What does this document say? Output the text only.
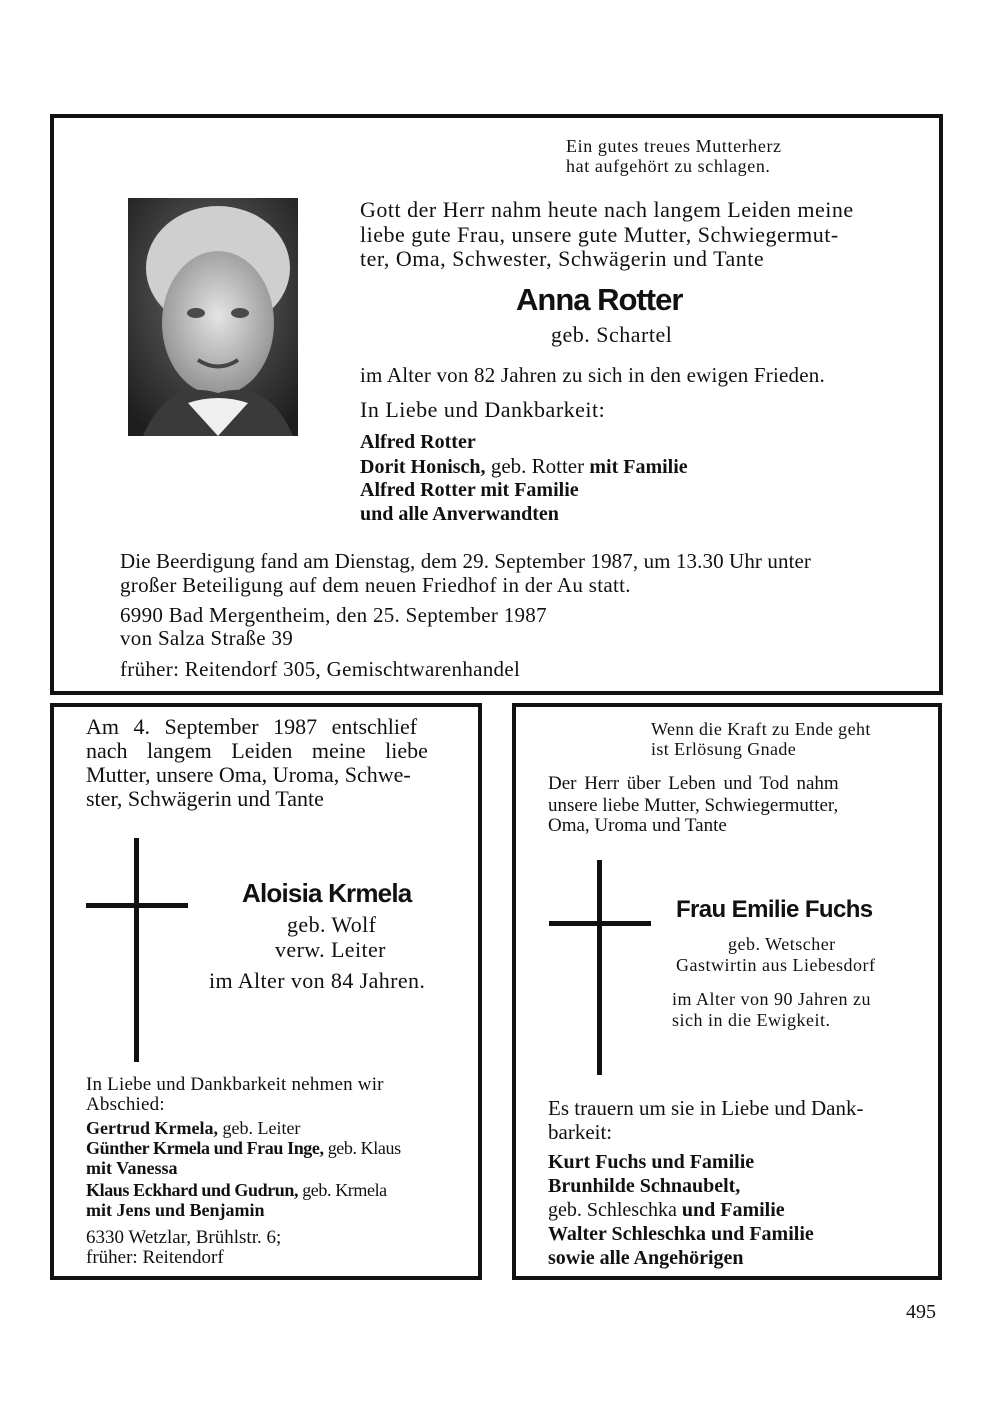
Ein gutes treues Mutterherz
hat aufgehört zu schlagen.
Gott der Herr nahm heute nach langem Leiden meine
liebe gute Frau, unsere gute Mutter, Schwiegermut-
ter, Oma, Schwester, Schwägerin und Tante
Anna Rotter
geb. Schartel
im Alter von 82 Jahren zu sich in den ewigen Frieden.
In Liebe und Dankbarkeit:
Alfred Rotter
Dorit Honisch, geb. Rotter mit Familie
Alfred Rotter mit Familie
und alle Anverwandten
Die Beerdigung fand am Dienstag, dem 29. September 1987, um 13.30 Uhr unter
großer Beteiligung auf dem neuen Friedhof in der Au statt.
6990 Bad Mergentheim, den 25. September 1987
von Salza Straße 39
früher: Reitendorf 305, Gemischtwarenhandel
Am 4. September 1987 entschlief
nach langem Leiden meine liebe
Mutter, unsere Oma, Uroma, Schwe-
ster, Schwägerin und Tante
Aloisia Krmela
geb. Wolf
verw. Leiter
im Alter von 84 Jahren.
In Liebe und Dankbarkeit nehmen wir
Abschied:
Gertrud Krmela, geb. Leiter
Günther Krmela und Frau Inge, geb. Klaus
mit Vanessa
Klaus Eckhard und Gudrun, geb. Krmela
mit Jens und Benjamin
6330 Wetzlar, Brühlstr. 6;
früher: Reitendorf
Wenn die Kraft zu Ende geht
ist Erlösung Gnade
Der Herr über Leben und Tod nahm
unsere liebe Mutter, Schwiegermutter,
Oma, Uroma und Tante
Frau Emilie Fuchs
geb. Wetscher
Gastwirtin aus Liebesdorf
im Alter von 90 Jahren zu
sich in die Ewigkeit.
Es trauern um sie in Liebe und Dank-
barkeit:
Kurt Fuchs und Familie
Brunhilde Schnaubelt,
geb. Schleschka und Familie
Walter Schleschka und Familie
sowie alle Angehörigen
495
